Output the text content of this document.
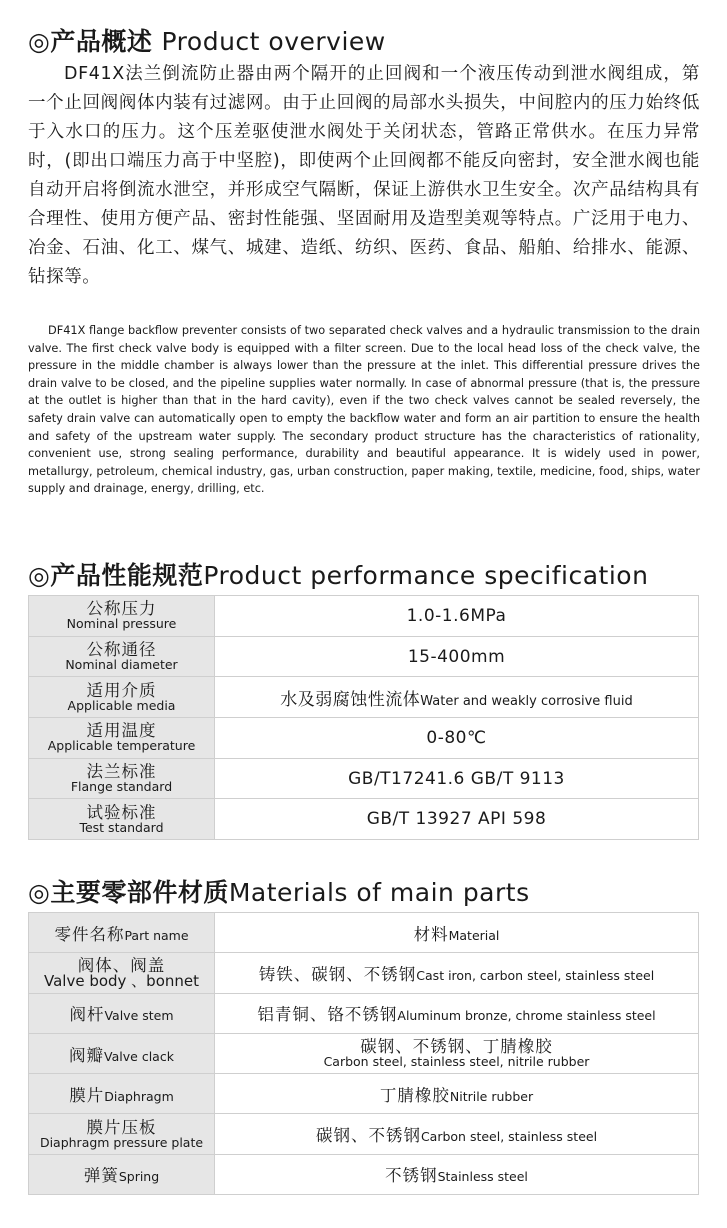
◎产品概述 Product overview

DF41X法兰倒流防止器由两个隔开的止回阀和一个液压传动到泄水阀组成，第一个止回阀阀体内装有过滤网。由于止回阀的局部水头损失，中间腔内的压力始终低于入水口的压力。这个压差驱使泄水阀处于关闭状态，管路正常供水。在压力异常时，(即出口端压力高于中坚腔)，即使两个止回阀都不能反向密封，安全泄水阀也能自动开启将倒流水泄空，并形成空气隔断，保证上游供水卫生安全。次产品结构具有合理性、使用方便产品、密封性能强、坚固耐用及造型美观等特点。广泛用于电力、冶金、石油、化工、煤气、城建、造纸、纺织、医药、食品、船舶、给排水、能源、钻探等。

DF41X flange backflow preventer consists of two separated check valves and a hydraulic transmission to the drain valve. The first check valve body is equipped with a filter screen. Due to the local head loss of the check valve, the pressure in the middle chamber is always lower than the pressure at the inlet. This differential pressure drives the drain valve to be closed, and the pipeline supplies water normally. In case of abnormal pressure (that is, the pressure at the outlet is higher than that in the hard cavity), even if the two check valves cannot be sealed reversely, the safety drain valve can automatically open to empty the backflow water and form an air partition to ensure the health and safety of the upstream water supply. The secondary product structure has the characteristics of rationality, convenient use, strong sealing performance, durability and beautiful appearance. It is widely used in power, metallurgy, petroleum, chemical industry, gas, urban construction, paper making, textile, medicine, food, ships, water supply and drainage, energy, drilling, etc.

◎产品性能规范Product performance specification
公称压力
Nominal pressure	1.0-1.6MPa

公称通径
Nominal diameter	15-400mm

适用介质
Applicable media	水及弱腐蚀性流体Water and weakly corrosive fluid

适用温度
Applicable temperature	0-80℃

法兰标准
Flange standard	GB/T17241.6 GB/T 9113

试验标准
Test standard	GB/T 13927 API 598
◎主要零部件材质Materials of main parts
零件名称Part name	材料Material

阀体、阀盖
Valve body 、bonnet	铸铁、碳钢、不锈钢Cast iron, carbon steel, stainless steel
阀杆Valve stem	铝青铜、铬不锈钢Aluminum bronze, chrome stainless steel
阀瓣Valve clack	碳钢、不锈钢、丁腈橡胶
Carbon steel, stainless steel, nitrile rubber

膜片Diaphragm	丁腈橡胶Nitrile rubber

膜片压板
Diaphragm pressure plate	碳钢、不锈钢Carbon steel, stainless steel
弹簧Spring	不锈钢Stainless steel
